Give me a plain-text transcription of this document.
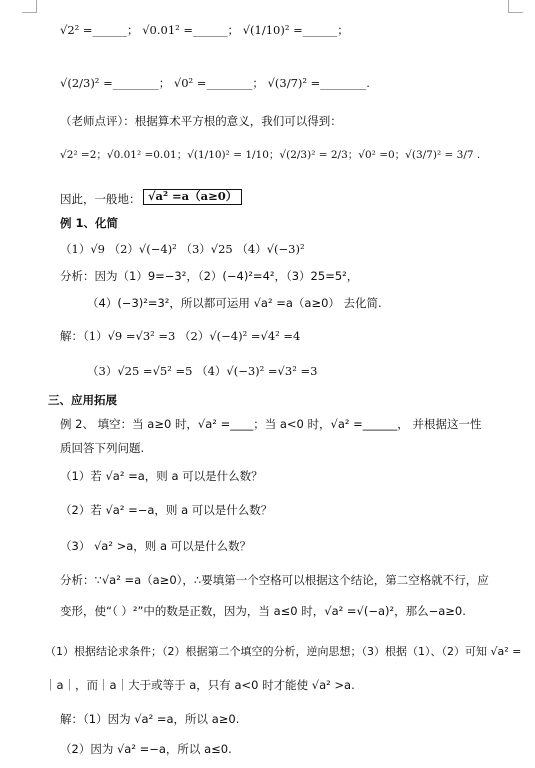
√2² =______； √0.01² =______； √(1/10)² =______；
√(2/3)² =________； √0² =________； √(3/7)² =________.
（老师点评）：根据算术平方根的意义，我们可以得到：
√2² =2；√0.01² =0.01；√(1/10)² = 1/10；√(2/3)² = 2/3；√0² =0；√(3/7)² = 3/7 .
因此，一般地： √a² =a（a≥0）
例 1、化简
（1）√9 （2）√(−4)² （3）√25 （4）√(−3)²
分析：因为（1）9=−3²，（2）(−4)²=4²，（3）25=5²，
（4）(−3)²=3²，所以都可运用 √a² =a（a≥0） 去化简.
解：（1）√9 =√3² =3 （2）√(−4)² =√4² =4
（3）√25 =√5² =5 （4）√(−3)² =√3² =3
三、应用拓展
例 2、 填空：当 a≥0 时，√a² =____；当 a<0 时，√a² =______， 并根据这一性
质回答下列问题.
（1）若 √a² =a，则 a 可以是什么数？
（2）若 √a² =−a，则 a 可以是什么数？
（3） √a² >a，则 a 可以是什么数？
分析：∵√a² =a（a≥0），∴要填第一个空格可以根据这个结论，第二空格就不行，应
变形，使“（ ）²”中的数是正数，因为，当 a≤0 时，√a² =√(−a)²，那么−a≥0.
（1）根据结论求条件；（2）根据第二个填空的分析，逆向思想；（3）根据（1）、（2）可知 √a² =
｜a｜，而｜a｜大于或等于 a，只有 a<0 时才能使 √a² >a.
解：（1）因为 √a² =a，所以 a≥0.
（2）因为 √a² =−a，所以 a≤0.
